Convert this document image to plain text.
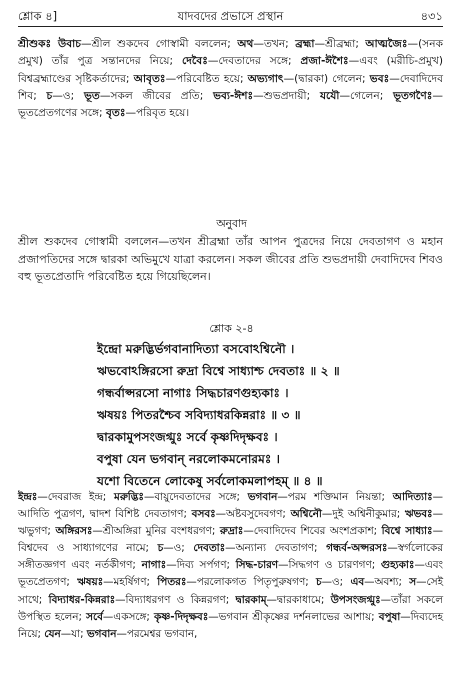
শ্লোক ৪]	যাদবদের প্রভাসে প্রস্থান	৪৩১
শ্রীশুকঃ উবাচ—শ্রীল শুকদেব গোস্বামী বললেন; অথ—তখন; ব্রহ্মা—শ্রীব্রহ্মা; আত্মজৈঃ—(সনক প্রমুখ) তাঁর পুত্র সন্তানদের নিয়ে; দেবৈঃ—দেবতাদের সঙ্গে; প্রজা-ঈশৈঃ—এবং (মরীচি-প্রমুখ) বিশ্বব্রহ্মাণ্ডের সৃষ্টিকর্তাদের; আবৃতঃ—পরিবেষ্টিত হয়ে; অভ্যগাৎ—(দ্বারকা) গেলেন; ভবঃ—দেবাদিদেব শিব; চ—ও; ভূত—সকল জীবের প্রতি; ভব্য-ঈশঃ—শুভপ্রদায়ী; যযৌ—গেলেন; ভূতগণৈঃ—ভূতপ্রেতগণের সঙ্গে; বৃতঃ—পরিবৃত হয়ে।
অনুবাদ
শ্রীল শুকদেব গোস্বামী বললেন—তখন শ্রীব্রহ্মা তাঁর আপন পুত্রদের নিয়ে দেবতাগণ ও মহান প্রজাপতিদের সঙ্গে দ্বারকা অভিমুখে যাত্রা করলেন। সকল জীবের প্রতি শুভপ্রদায়ী দেবাদিদেব শিবও বহু ভূতপ্রেতাদি পরিবেষ্টিত হয়ে গিয়েছিলেন।
শ্লোক ২-৪
ইন্দ্রো মরুদ্ভির্ভগবানাদিত্যা বসবোঽশ্বিনৌ ।
ঋভবোঽঙ্গিরসো রুদ্রা বিশ্বে সাধ্যাশ্চ দেবতাঃ ॥ ২ ॥
গন্ধর্বাপ্সরসো নাগাঃ সিদ্ধচারণগুহ্যকাঃ ।
ঋষয়ঃ পিতরশ্চৈব সবিদ্যাধরকিন্নরাঃ ॥ ৩ ॥
দ্বারকামুপসংজগ্মুঃ সর্বে কৃষ্ণদিদৃক্ষবঃ ।
বপুষা যেন ভগবান্ নরলোকমনোরমঃ ।
যশো বিতেনে লোকেষু সর্বলোকমলাপহম্ ॥ ৪ ॥
ইন্দ্রঃ—দেবরাজ ইন্দ্র; মরুদ্ভিঃ—বায়ুদেবতাদের সঙ্গে; ভগবান—পরম শক্তিমান নিয়ন্তা; আদিত্যাঃ—আদিতি পুত্রগণ, দ্বাদশ বিশিষ্ট দেবতাগণ; বসবঃ—অষ্টবসুদেবগণ; অশ্বিনৌ—দুই অশ্বিনীকুমার; ঋভবঃ—ঋভুগণ; অঙ্গিরসঃ—শ্রীঅঙ্গিরা মুনির বংশধরগণ; রুদ্রাঃ—দেবাদিদেব শিবের অংশপ্রকাশ; বিশ্বে সাধ্যাঃ—বিশ্বদেব ও সাধ্যাগণের নামে; চ—ও; দেবতাঃ—অন্যান্য দেবতাগণ; গন্ধর্ব-অপ্সরসঃ—স্বর্গলোকের সঙ্গীতজ্ঞগণ এবং নর্তকীগণ; নাগাঃ—দিব্য সর্পগণ; সিদ্ধ-চারণ—সিদ্ধগণ ও চারণগণ; গুহ্যকাঃ—এবং ভূতপ্রেতগণ; ঋষয়ঃ—মহর্ষিগণ; পিতরঃ—পরলোকগত পিতৃপুরুষগণ; চ—ও; এব—অবশ্য; স—সেই সাথে; বিদ্যাধর-কিন্নরাঃ—বিদ্যাধরগণ ও কিন্নরগণ; দ্বারকাম্—দ্বারকাধামে; উপসংজগ্মুঃ—তাঁরা সকলে উপস্থিত হলেন; সর্বে—একসঙ্গে; কৃষ্ণ-দিদৃক্ষবঃ—ভগবান শ্রীকৃষ্ণের দর্শনলাভের আশায়; বপুষা—দিব্যদেহ নিয়ে; যেন—যা; ভগবান—পরমেশ্বর ভগবান,
